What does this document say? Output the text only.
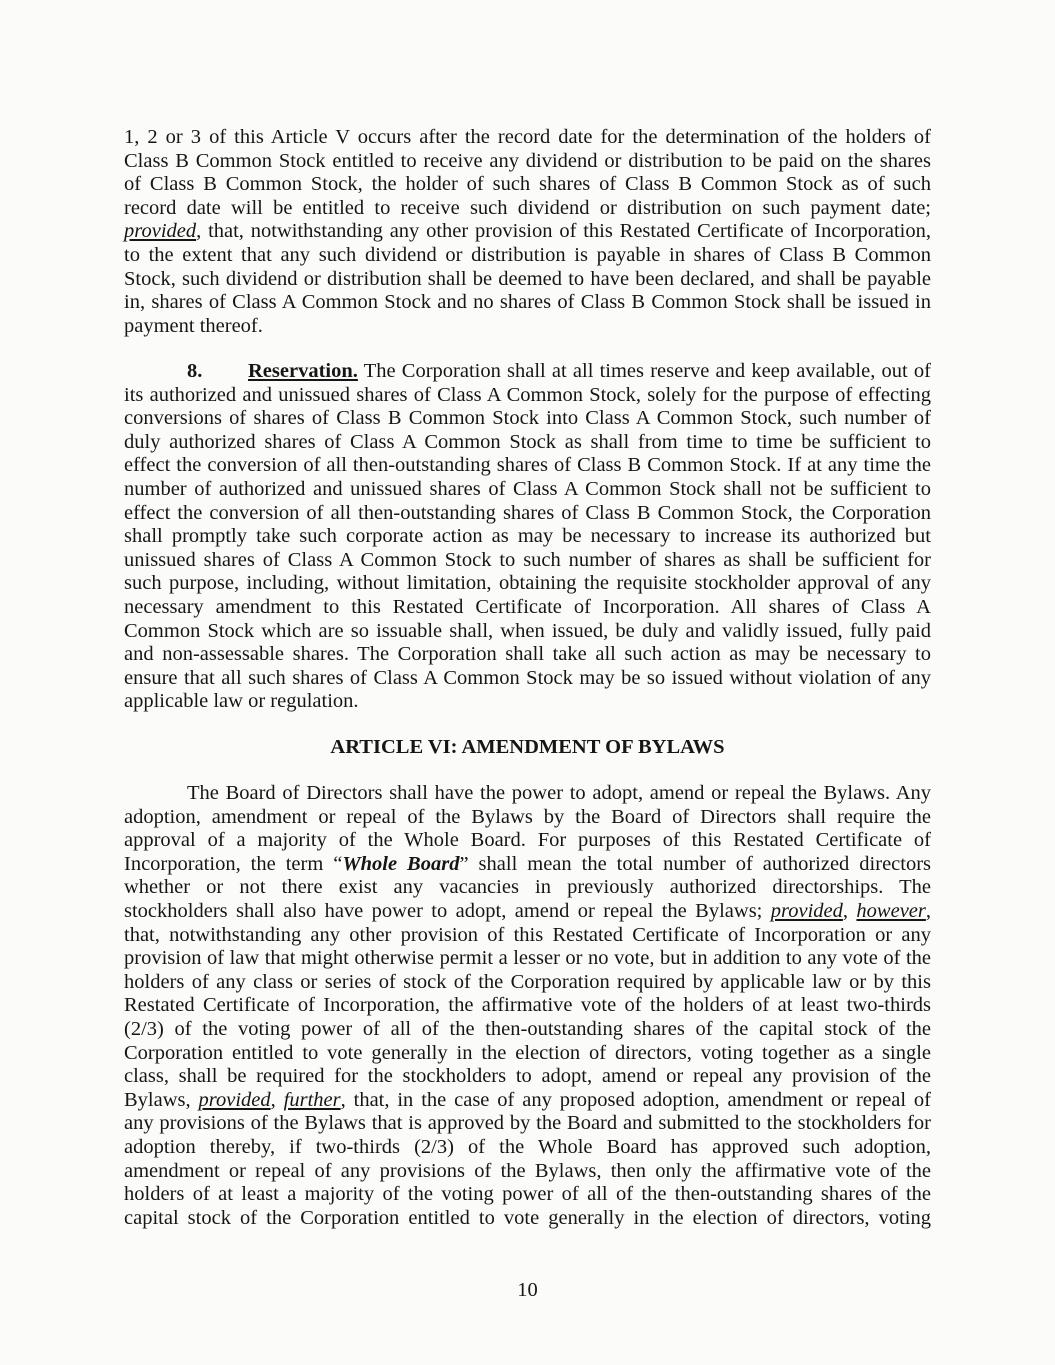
1, 2 or 3 of this Article V occurs after the record date for the determination of the holders of
Class B Common Stock entitled to receive any dividend or distribution to be paid on the shares
of Class B Common Stock, the holder of such shares of Class B Common Stock as of such
record date will be entitled to receive such dividend or distribution on such payment date;
provided, that, notwithstanding any other provision of this Restated Certificate of Incorporation,
to the extent that any such dividend or distribution is payable in shares of Class B Common
Stock, such dividend or distribution shall be deemed to have been declared, and shall be payable
in, shares of Class A Common Stock and no shares of Class B Common Stock shall be issued in
payment thereof.
8. Reservation. The Corporation shall at all times reserve and keep available, out of
its authorized and unissued shares of Class A Common Stock, solely for the purpose of effecting
conversions of shares of Class B Common Stock into Class A Common Stock, such number of
duly authorized shares of Class A Common Stock as shall from time to time be sufficient to
effect the conversion of all then-outstanding shares of Class B Common Stock. If at any time the
number of authorized and unissued shares of Class A Common Stock shall not be sufficient to
effect the conversion of all then-outstanding shares of Class B Common Stock, the Corporation
shall promptly take such corporate action as may be necessary to increase its authorized but
unissued shares of Class A Common Stock to such number of shares as shall be sufficient for
such purpose, including, without limitation, obtaining the requisite stockholder approval of any
necessary amendment to this Restated Certificate of Incorporation. All shares of Class A
Common Stock which are so issuable shall, when issued, be duly and validly issued, fully paid
and non-assessable shares. The Corporation shall take all such action as may be necessary to
ensure that all such shares of Class A Common Stock may be so issued without violation of any
applicable law or regulation.
ARTICLE VI: AMENDMENT OF BYLAWS
The Board of Directors shall have the power to adopt, amend or repeal the Bylaws. Any
adoption, amendment or repeal of the Bylaws by the Board of Directors shall require the
approval of a majority of the Whole Board. For purposes of this Restated Certificate of
Incorporation, the term “Whole Board” shall mean the total number of authorized directors
whether or not there exist any vacancies in previously authorized directorships. The
stockholders shall also have power to adopt, amend or repeal the Bylaws; provided, however,
that, notwithstanding any other provision of this Restated Certificate of Incorporation or any
provision of law that might otherwise permit a lesser or no vote, but in addition to any vote of the
holders of any class or series of stock of the Corporation required by applicable law or by this
Restated Certificate of Incorporation, the affirmative vote of the holders of at least two-thirds
(2/3) of the voting power of all of the then-outstanding shares of the capital stock of the
Corporation entitled to vote generally in the election of directors, voting together as a single
class, shall be required for the stockholders to adopt, amend or repeal any provision of the
Bylaws, provided, further, that, in the case of any proposed adoption, amendment or repeal of
any provisions of the Bylaws that is approved by the Board and submitted to the stockholders for
adoption thereby, if two-thirds (2/3) of the Whole Board has approved such adoption,
amendment or repeal of any provisions of the Bylaws, then only the affirmative vote of the
holders of at least a majority of the voting power of all of the then-outstanding shares of the
capital stock of the Corporation entitled to vote generally in the election of directors, voting
10
